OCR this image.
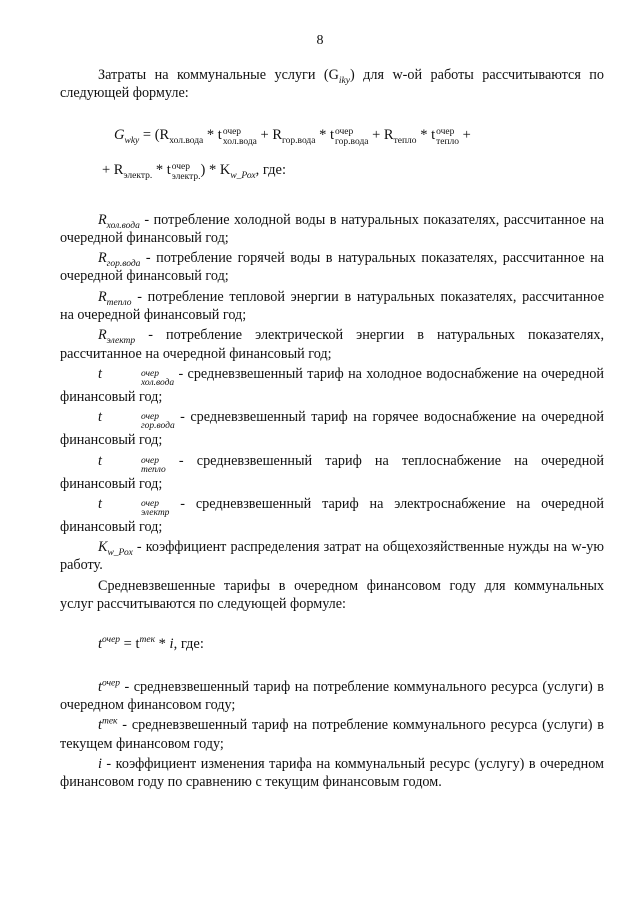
8

Затраты на коммунальные услуги $(G_{iky})$ для w-ой работы рассчитываются по следующей формуле:

$G_{wky} = (R_{хол.вода} * t$ очер
хол.вода + $R_{гор.вода}$ * t очер
гор.вода + $R_{тепло}$ * t очер
тепло +
+ $R_{электр.}$ * t очер
электр. ) * $K_{w\_Рох}$, где:

$R_{хол.вода}$ - потребление холодной воды в натуральных показателях, рассчитанное на очередной финансовый год;

$R_{гор.вода}$ - потребление горячей воды в натуральных показателях, рассчитанное на очередной финансовый год;

$R_{тепло}$ - потребление тепловой энергии в натуральных показателях, рассчитанное на очередной финансовый год;

$R_{электр}$ - потребление электрической энергии в натуральных показателях, рассчитанное на очередной финансовый год;

t	очер
хол.вода
- средневзвешенный тариф на холодное водоснабжение на очередной финансовый год;

t	очер
гор.вода
- средневзвешенный тариф на горячее водоснабжение на очередной финансовый год;

t	очер
тепло
- средневзвешенный тариф на теплоснабжение на очередной финансовый год;

t	очер
электр
- средневзвешенный тариф на электроснабжение на очередной финансовый год;

$K_{w\_Рох}$ - коэффициент распределения затрат на общехозяйственные нужды на w-ую работу.

Средневзвешенные тарифы в очередном финансовом году для коммунальных услуг рассчитываются по следующей формуле:

$t^{очер} = t^{тек} * i$, где:

$t^{очер}$ - средневзвешенный тариф на потребление коммунального ресурса (услуги) в очередном финансовом году;

$t^{тек}$ - средневзвешенный тариф на потребление коммунального ресурса (услуги) в текущем финансовом году;

i - коэффициент изменения тарифа на коммунальный ресурс (услугу) в очередном финансовом году по сравнению с текущим финансовым годом.
